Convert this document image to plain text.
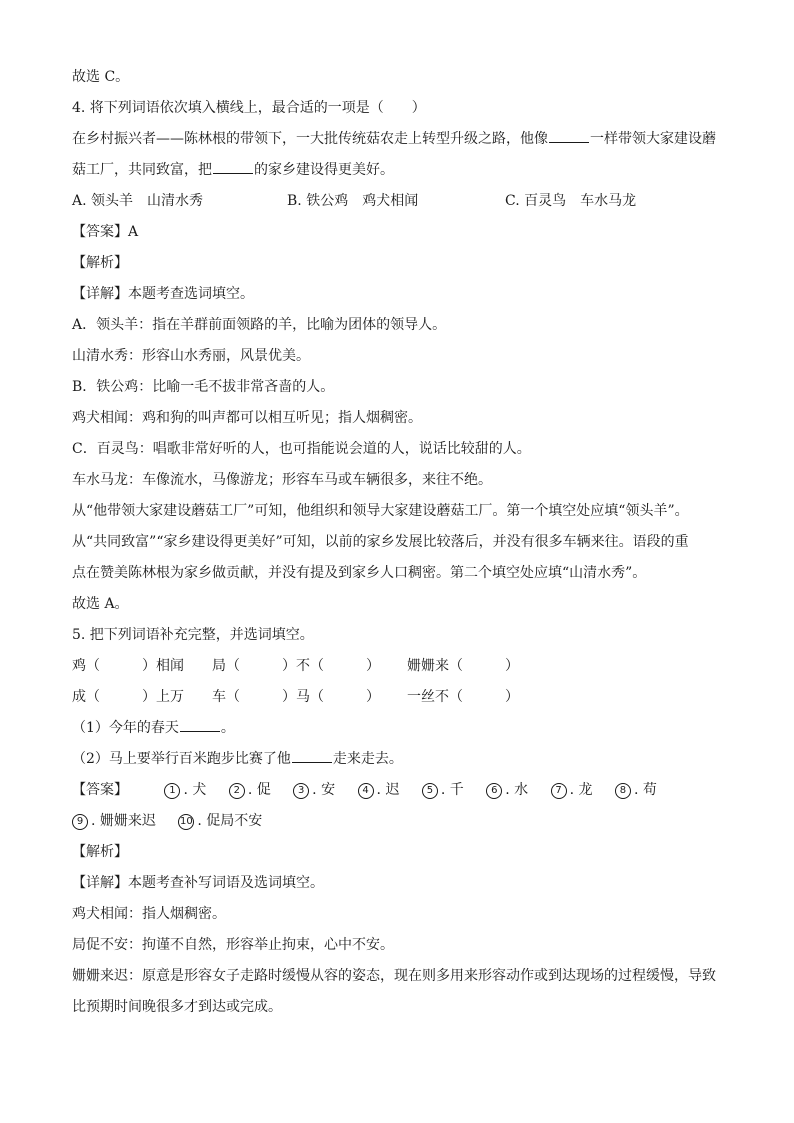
故选 C。
4. 将下列词语依次填入横线上，最合适的一项是（　　）
在乡村振兴者——陈林根的带领下，一大批传统菇农走上转型升级之路，他像	一样带领大家建设蘑
菇工厂，共同致富，把	的家乡建设得更美好。
A. 领头羊　山清水秀	B. 铁公鸡　鸡犬相闻	C. 百灵鸟　车水马龙
【答案】A
【解析】
【详解】本题考查选词填空。
A．领头羊：指在羊群前面领路的羊，比喻为团体的领导人。
山清水秀：形容山水秀丽，风景优美。
B．铁公鸡：比喻一毛不拔非常吝啬的人。
鸡犬相闻：鸡和狗的叫声都可以相互听见；指人烟稠密。
C．百灵鸟：唱歌非常好听的人，也可指能说会道的人，说话比较甜的人。
车水马龙：车像流水，马像游龙；形容车马或车辆很多，来往不绝。
从“他带领大家建设蘑菇工厂”可知，他组织和领导大家建设蘑菇工厂。第一个填空处应填“领头羊”。
从“共同致富”“家乡建设得更美好”可知，以前的家乡发展比较落后，并没有很多车辆来往。语段的重
点在赞美陈林根为家乡做贡献，并没有提及到家乡人口稠密。第二个填空处应填“山清水秀”。
故选 A。
5. 把下列词语补充完整，并选词填空。
鸡（　　　）相闻 局（　　　）不（　　　） 姗姗来（　　　）
成（　　　）上万 车（　　　）马（　　　） 一丝不（　　　）
（1）今年的春天	。
（2）马上要举行百米跑步比赛了他	走来走去。
【答案】	1 . 犬	2 . 促	3 . 安	4 . 迟	5 . 千	6 . 水	7 . 龙	8 . 苟
9 . 姗姗来迟 10 . 促局不安
【解析】
【详解】本题考查补写词语及选词填空。
鸡犬相闻：指人烟稠密。
局促不安：拘谨不自然，形容举止拘束，心中不安。
姗姗来迟：原意是形容女子走路时缓慢从容的姿态，现在则多用来形容动作或到达现场的过程缓慢，导致
比预期时间晚很多才到达或完成。
